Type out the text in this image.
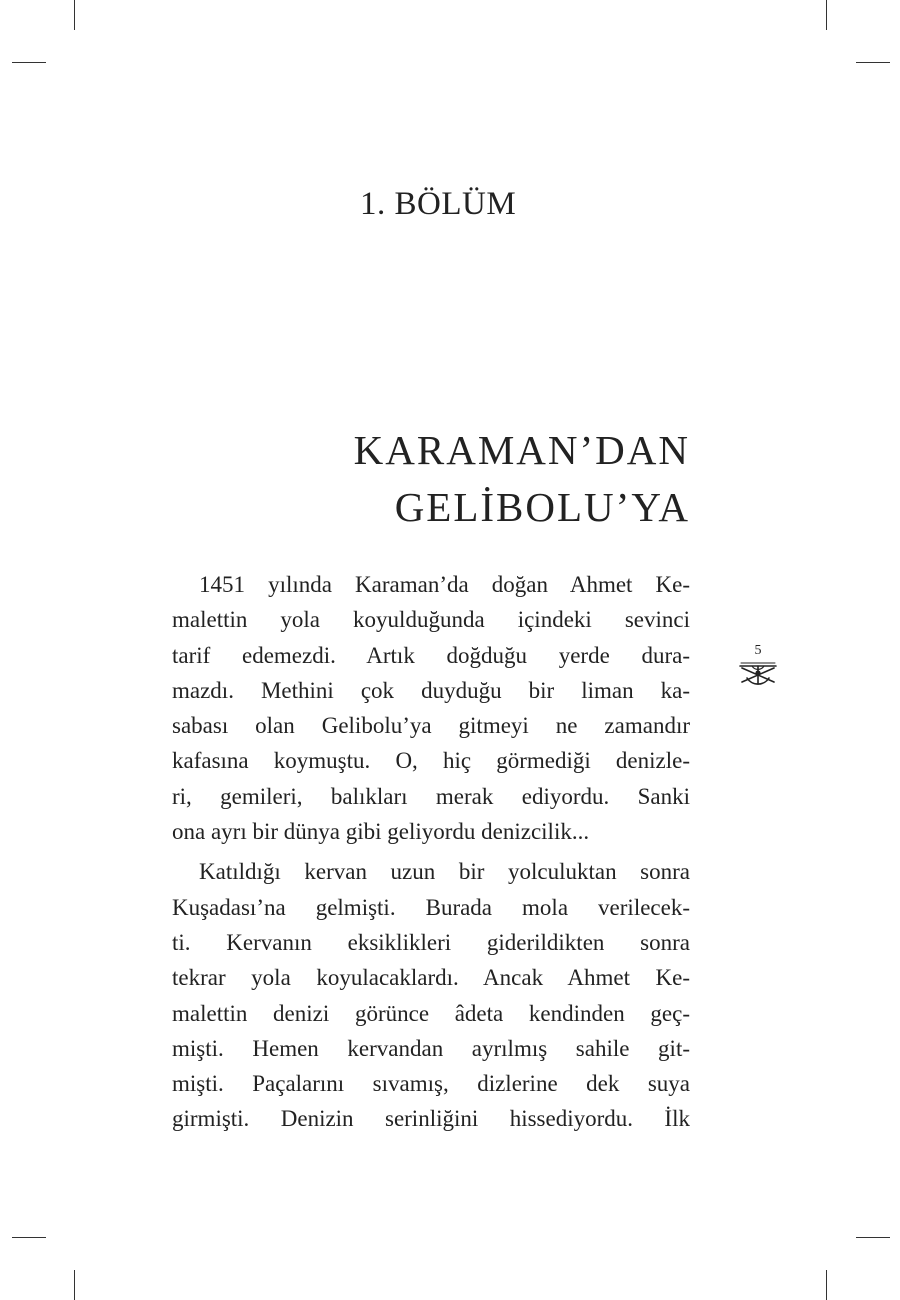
1. BÖLÜM
KARAMAN’DAN
GELİBOLU’YA
1451 yılında Karaman’da doğan Ahmet Ke-
malettin yola koyulduğunda içindeki sevinci
tarif edemezdi. Artık doğduğu yerde dura-
mazdı. Methini çok duyduğu bir liman ka-
sabası olan Gelibolu’ya gitmeyi ne zamandır
kafasına koymuştu. O, hiç görmediği denizle-
ri, gemileri, balıkları merak ediyordu. Sanki
ona ayrı bir dünya gibi geliyordu denizcilik...
Katıldığı kervan uzun bir yolculuktan sonra
Kuşadası’na gelmişti. Burada mola verilecek-
ti. Kervanın eksiklikleri giderildikten sonra
tekrar yola koyulacaklardı. Ancak Ahmet Ke-
malettin denizi görünce âdeta kendinden geç-
mişti. Hemen kervandan ayrılmış sahile git-
mişti. Paçalarını sıvamış, dizlerine dek suya
girmişti. Denizin serinliğini hissediyordu. İlk
5
